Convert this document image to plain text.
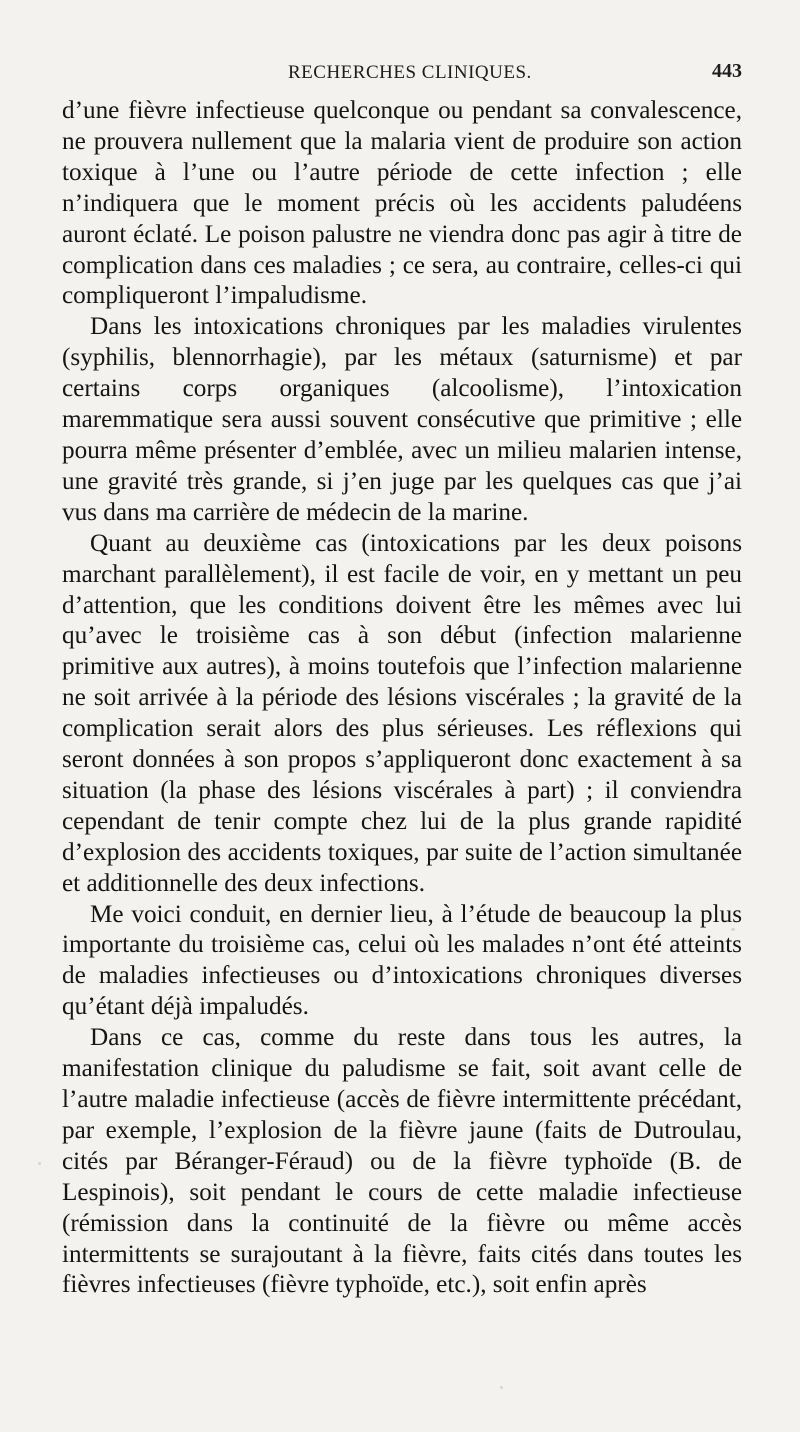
RECHERCHES CLINIQUES.	443

d’une fièvre infectieuse quelconque ou pendant sa convalescence, ne prouvera nullement que la malaria vient de produire son action toxique à l’une ou l’autre période de cette infection ; elle n’indiquera que le moment précis où les accidents paludéens auront éclaté. Le poison palustre ne viendra donc pas agir à titre de complication dans ces maladies ; ce sera, au contraire, celles-ci qui compliqueront l’impaludisme.

Dans les intoxications chroniques par les maladies virulentes (syphilis, blennorrhagie), par les métaux (saturnisme) et par certains corps organiques (alcoolisme), l’intoxication maremmatique sera aussi souvent consécutive que primitive ; elle pourra même présenter d’emblée, avec un milieu malarien intense, une gravité très grande, si j’en juge par les quelques cas que j’ai vus dans ma carrière de médecin de la marine.

Quant au deuxième cas (intoxications par les deux poisons marchant parallèlement), il est facile de voir, en y mettant un peu d’attention, que les conditions doivent être les mêmes avec lui qu’avec le troisième cas à son début (infection malarienne primitive aux autres), à moins toutefois que l’infection malarienne ne soit arrivée à la période des lésions viscérales ; la gravité de la complication serait alors des plus sérieuses. Les réflexions qui seront données à son propos s’appliqueront donc exactement à sa situation (la phase des lésions viscérales à part) ; il conviendra cependant de tenir compte chez lui de la plus grande rapidité d’explosion des accidents toxiques, par suite de l’action simultanée et additionnelle des deux infections.

Me voici conduit, en dernier lieu, à l’étude de beaucoup la plus importante du troisième cas, celui où les malades n’ont été atteints de maladies infectieuses ou d’intoxications chroniques diverses qu’étant déjà impaludés.

Dans ce cas, comme du reste dans tous les autres, la manifestation clinique du paludisme se fait, soit avant celle de l’autre maladie infectieuse (accès de fièvre intermittente précédant, par exemple, l’explosion de la fièvre jaune (faits de Dutroulau, cités par Béranger-Féraud) ou de la fièvre typhoïde (B. de Lespinois), soit pendant le cours de cette maladie infectieuse (rémission dans la continuité de la fièvre ou même accès intermittents se surajoutant à la fièvre, faits cités dans toutes les fièvres infectieuses (fièvre typhoïde, etc.), soit enfin après
